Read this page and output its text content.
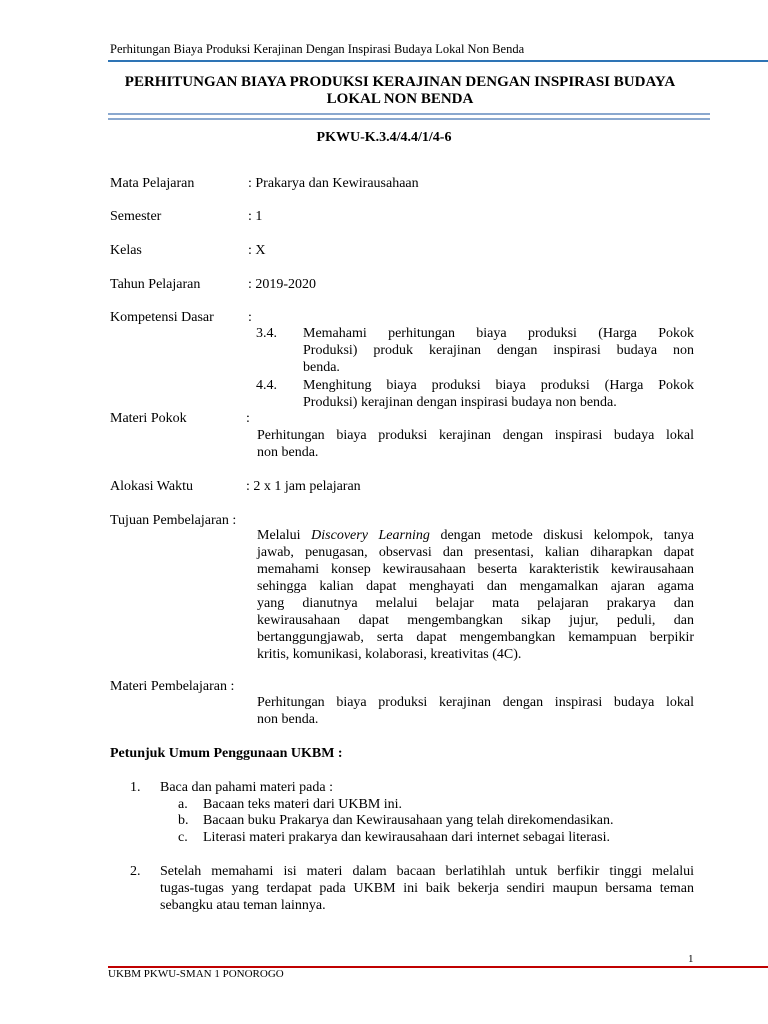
Perhitungan Biaya Produksi Kerajinan Dengan Inspirasi Budaya Lokal Non Benda
PERHITUNGAN BIAYA PRODUKSI KERAJINAN DENGAN INSPIRASI BUDAYA
LOKAL NON BENDA
PKWU-K.3.4/4.4/1/4-6
Mata Pelajaran	: Prakarya dan Kewirausahaan
Semester	: 1
Kelas	: X
Tahun Pelajaran	: 2019-2020
Kompetensi Dasar :
3.4. Memahami perhitungan biaya produksi (Harga Pokok
Produksi) produk kerajinan dengan inspirasi budaya non
benda.
4.4. Menghitung biaya produksi biaya produksi (Harga Pokok
Produksi) kerajinan dengan inspirasi budaya non benda.
Materi Pokok	:
Perhitungan biaya produksi kerajinan dengan inspirasi budaya lokal
non benda.
Alokasi Waktu	: 2 x 1 jam pelajaran
Tujuan Pembelajaran :
Melalui Discovery Learning dengan metode diskusi kelompok, tanya
jawab, penugasan, observasi dan presentasi, kalian diharapkan dapat
memahami konsep kewirausahaan beserta karakteristik kewirausahaan
sehingga kalian dapat menghayati dan mengamalkan ajaran agama
yang dianutnya melalui belajar mata pelajaran prakarya dan
kewirausahaan dapat mengembangkan sikap jujur, peduli, dan
bertanggungjawab, serta dapat mengembangkan kemampuan berpikir
kritis, komunikasi, kolaborasi, kreativitas (4C).
Materi Pembelajaran :
Perhitungan biaya produksi kerajinan dengan inspirasi budaya lokal
non benda.
Petunjuk Umum Penggunaan UKBM :
1. Baca dan pahami materi pada :
a. Bacaan teks materi dari UKBM ini.
b. Bacaan buku Prakarya dan Kewirausahaan yang telah direkomendasikan.
c. Literasi materi prakarya dan kewirausahaan dari internet sebagai literasi.
2. Setelah memahami isi materi dalam bacaan berlatihlah untuk berfikir tinggi melalui
tugas-tugas yang terdapat pada UKBM ini baik bekerja sendiri maupun bersama teman
sebangku atau teman lainnya.
1
UKBM PKWU-SMAN 1 PONOROGO
